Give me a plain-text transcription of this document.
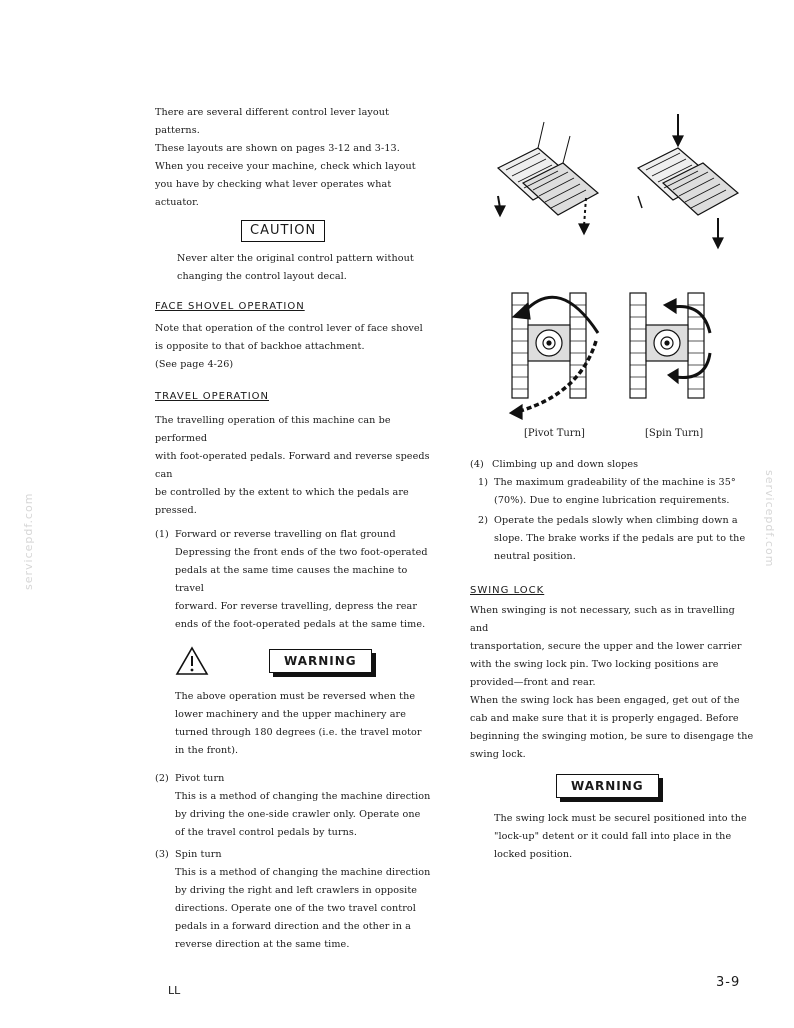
servicepdf.com	servicepdf.com

There are several different control lever layout patterns.

These layouts are shown on pages 3-12 and 3-13.

When you receive your machine, check which layout

you have by checking what lever operates what actuator.

CAUTION

Never alter the original control pattern without

changing the control layout decal.

FACE SHOVEL OPERATION

Note that operation of the control lever of face shovel

is opposite to that of backhoe attachment.

(See page 4-26)

TRAVEL OPERATION

The travelling operation of this machine can be performed

with foot-operated pedals. Forward and reverse speeds can

be controlled by the extent to which the pedals are pressed.

(1) Forward or reverse travelling on flat ground

Depressing the front ends of the two foot-operated

pedals at the same time causes the machine to travel

forward. For reverse travelling, depress the rear

ends of the foot-operated pedals at the same time.

WARNING

The above operation must be reversed when the

lower machinery and the upper machinery are

turned through 180 degrees (i.e. the travel motor

in the front).

(2) Pivot turn

This is a method of changing the machine direction

by driving the one-side crawler only. Operate one

of the travel control pedals by turns.

(3) Spin turn

This is a method of changing the machine direction

by driving the right and left crawlers in opposite

directions. Operate one of the two travel control

pedals in a forward direction and the other in a

reverse direction at the same time.

[Pivot Turn]	[Spin Turn]
(4) Climbing up and down slopes
1) The maximum gradeability of the machine is 35°

(70%). Due to engine lubrication requirements.

2) Operate the pedals slowly when climbing down a

slope. The brake works if the pedals are put to the

neutral position.

SWING LOCK

When swinging is not necessary, such as in travelling and

transportation, secure the upper and the lower carrier

with the swing lock pin. Two locking positions are

provided—front and rear.

When the swing lock has been engaged, get out of the

cab and make sure that it is properly engaged. Before

beginning the swinging motion, be sure to disengage the

swing lock.

WARNING

The swing lock must be securel positioned into the

"lock-up" detent or it could fall into place in the

locked position.

LL
3-9
